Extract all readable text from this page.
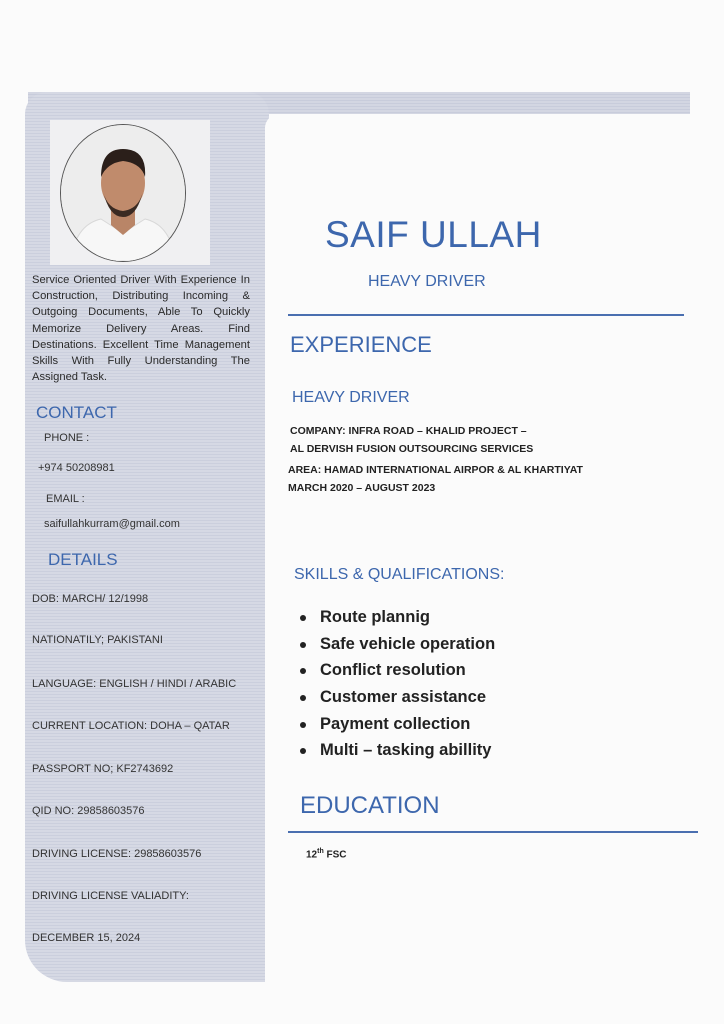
Service Oriented Driver With Experience In Construction, Distributing Incoming & Outgoing Documents, Able To Quickly Memorize Delivery Areas. Find Destinations. Excellent Time Management Skills With Fully Understanding The Assigned Task.
CONTACT
PHONE :
+974 50208981
EMAIL :
saifullahkurram@gmail.com
DETAILS
DOB: MARCH/ 12/1998
NATIONATILY; PAKISTANI
LANGUAGE: ENGLISH / HINDI / ARABIC
CURRENT LOCATION: DOHA – QATAR
PASSPORT NO; KF2743692
QID NO: 29858603576
DRIVING LICENSE: 29858603576
DRIVING LICENSE VALIADITY:
DECEMBER 15, 2024
SAIF ULLAH
HEAVY DRIVER
EXPERIENCE
HEAVY DRIVER
COMPANY: INFRA ROAD – KHALID PROJECT –
AL DERVISH FUSION OUTSOURCING SERVICES
AREA: HAMAD INTERNATIONAL AIRPOR & AL KHARTIYAT
MARCH 2020 – AUGUST 2023
SKILLS & QUALIFICATIONS:
Route plannig
Safe vehicle operation
Conflict resolution
Customer assistance
Payment collection
Multi – tasking abillity
EDUCATION
12th FSC
